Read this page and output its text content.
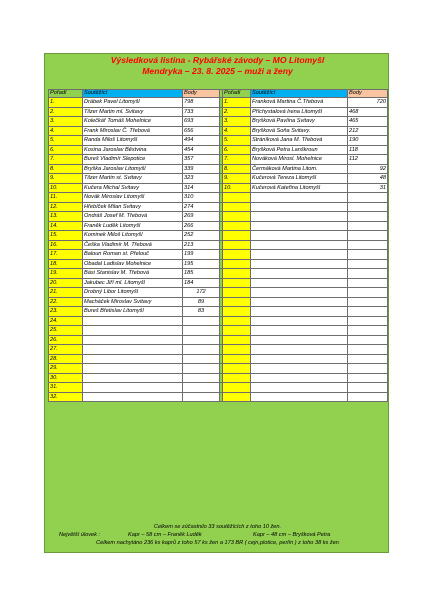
Výsledková listina - Rybářské závody – MO Litomyšl
Mendryka – 23. 8. 2025 – muži a ženy
Pořadí	Soutěžící	Body		Pořadí	Soutěžící	Body
1.	Drábek Pavel Litomyšl	798		1.	Franková Martina Č.Třebová	720
2.	Tilzer Martin ml. Svitavy	733		2.	Příchystalová Irena Litomyšl	468
3.	Kolečkář Tomáš Mohelnice	693		3.	Bryšková Pavlína Svitavy	465
4.	Frank Miroslav Č. Třebová	656		4.	Bryšková Soňa Svitavy.	212
5.	Randa Miloš Litomyšl	494		5.	Stráníková Jana M. Třebová	190
6.	Kosina Jaroslav Běstvina	454		6.	Bryšková Petra Lanškroun	118
7.	Bureš Vladimír Slepotice	357		7.	Nováková Mirosl. Mohelnice	112
8.	Bryška Jaroslav Litomyšl	339		8.	Čermáková Martina Litom.	92
9.	Tilzer Martin st. Svitavy	323		9.	Kučerová Tereza Litomyšl	48
10.	Kučera Michal Svitavy	314		10.	Kučerová Kateřina Litomyšl	31
11.	Novák Miroslav Litomyšl	310				
12.	Hřebíček Milan Svitavy	274				
13.	Ondráš Josef M. Třebová	269				
14.	Franěk Luděk Litomyšl	266				
15.	Kominek Miloš Litomyšl	252				
16.	Češka Vladimír M. Třebová	213				
17.	Baloun Roman st. Přelouč	199				
18.	Obadal Ladislav Mohelnice	195				
19.	Bási Stanislav M. Třebová	185				
20.	Jakubec Jiří ml. Litomyšl	184				
21.	Drobný Libor Litomyšl	172				
22.	Macháček Miroslav Svitavy	89				
23.	Bureš Břetislav Litomyšl	83				
24.						
25.						
26.						
27.						
28.						
29.						
30.						
31.						
32.						
Celkem se zúčastnilo 33 soutěžících z toho 10 žen.
Největší úlovek :	Kapr – 58 cm – Franěk Luděk	Kapr – 48 cm – Bryšková Petra
Celkem nachytáno 236 ks kaprů z toho 57 ks žen a 173 BR ( cejn,plotice, perlín ) z toho 38 ks žen
